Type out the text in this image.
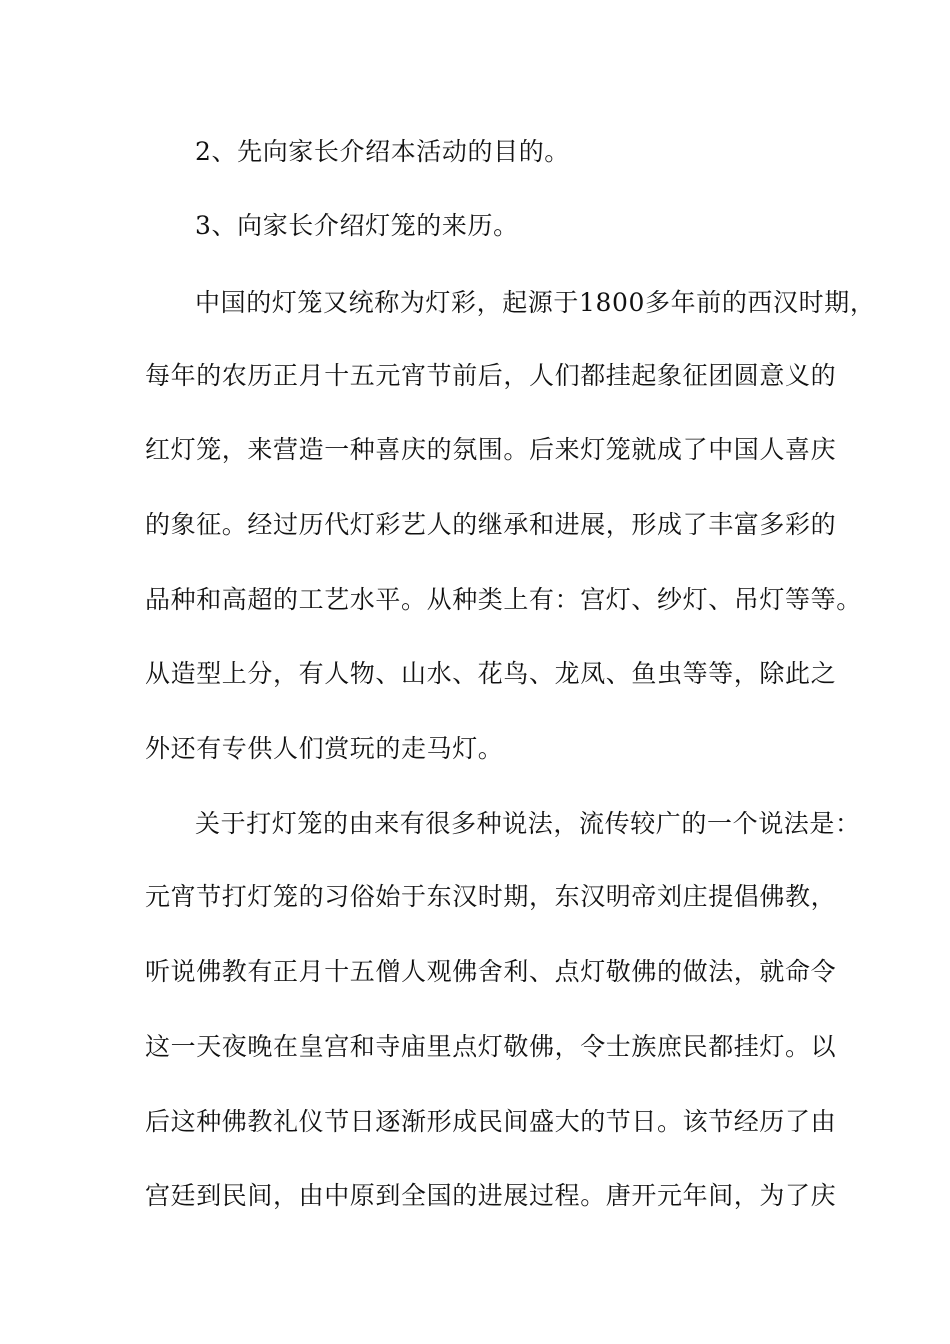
2、先向家长介绍本活动的目的。
3、向家长介绍灯笼的来历。
中国的灯笼又统称为灯彩，起源于1800多年前的西汉时期，
每年的农历正月十五元宵节前后，人们都挂起象征团圆意义的
红灯笼，来营造一种喜庆的氛围。后来灯笼就成了中国人喜庆
的象征。经过历代灯彩艺人的继承和进展，形成了丰富多彩的
品种和高超的工艺水平。从种类上有：宫灯、纱灯、吊灯等等。
从造型上分，有人物、山水、花鸟、龙凤、鱼虫等等，除此之
外还有专供人们赏玩的走马灯。
关于打灯笼的由来有很多种说法，流传较广的一个说法是：
元宵节打灯笼的习俗始于东汉时期，东汉明帝刘庄提倡佛教，
听说佛教有正月十五僧人观佛舍利、点灯敬佛的做法，就命令
这一天夜晚在皇宫和寺庙里点灯敬佛，令士族庶民都挂灯。以
后这种佛教礼仪节日逐渐形成民间盛大的节日。该节经历了由
宫廷到民间，由中原到全国的进展过程。唐开元年间，为了庆
